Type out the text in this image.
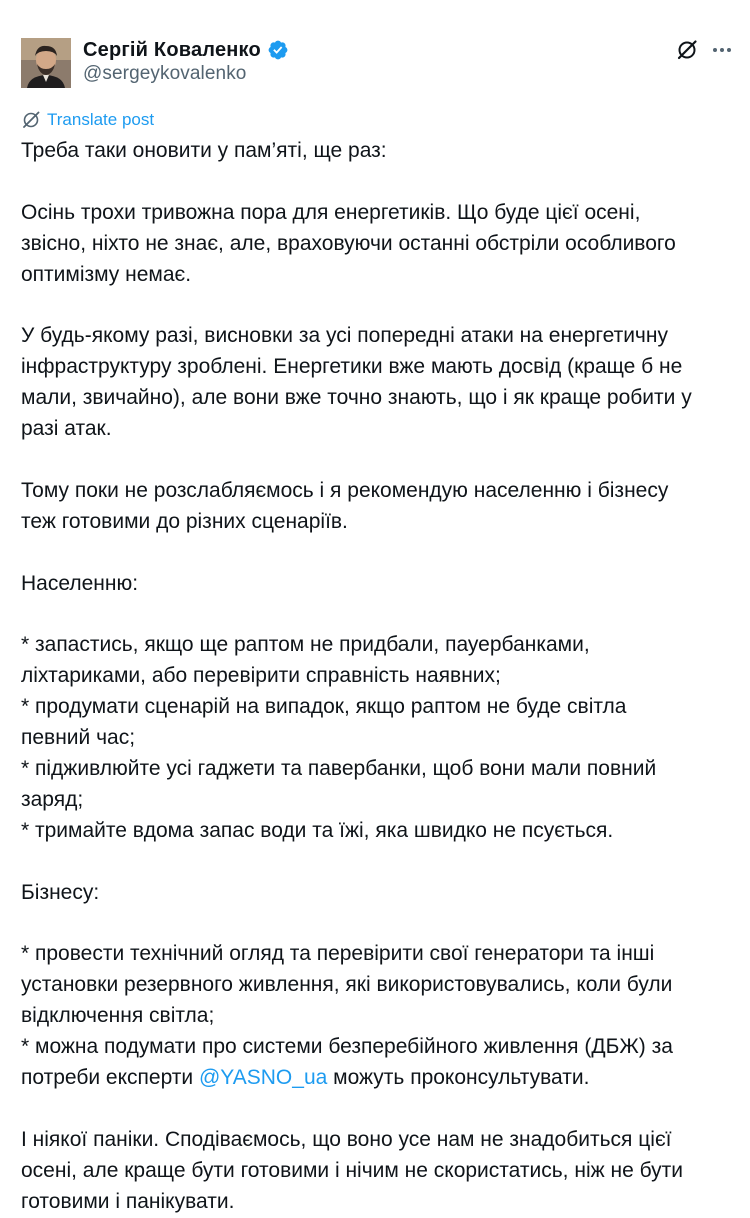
Сергій Коваленко
@sergeykovalenko
Translate post

Треба таки оновити у пам’яті, ще раз:

Осінь трохи тривожна пора для енергетиків. Що буде цієї осені,
звісно, ніхто не знає, але, враховуючи останні обстріли особливого
оптимізму немає.

У будь-якому разі, висновки за усі попередні атаки на енергетичну
інфраструктуру зроблені. Енергетики вже мають досвід (краще б не
мали, звичайно), але вони вже точно знають, що і як краще робити у
разі атак.

Тому поки не розслабляємось і я рекомендую населенню і бізнесу
теж готовими до різних сценаріїв.

Населенню:

* запастись, якщо ще раптом не придбали, пауербанками,
ліхтариками, або перевірити справність наявних;
* продумати сценарій на випадок, якщо раптом не буде світла
певний час;
* підживлюйте усі гаджети та павербанки, щоб вони мали повний
заряд;
* тримайте вдома запас води та їжі, яка швидко не псується.

Бізнесу:

* провести технічний огляд та перевірити свої генератори та інші
установки резервного живлення, які використовувались, коли були
відключення світла;
* можна подумати про системи безперебійного живлення (ДБЖ) за
потреби експерти @YASNO_ua можуть проконсультувати.

І ніякої паніки. Сподіваємось, що воно усе нам не знадобиться цієї
осені, але краще бути готовими і нічим не скористатись, ніж не бути
готовими і панікувати.
